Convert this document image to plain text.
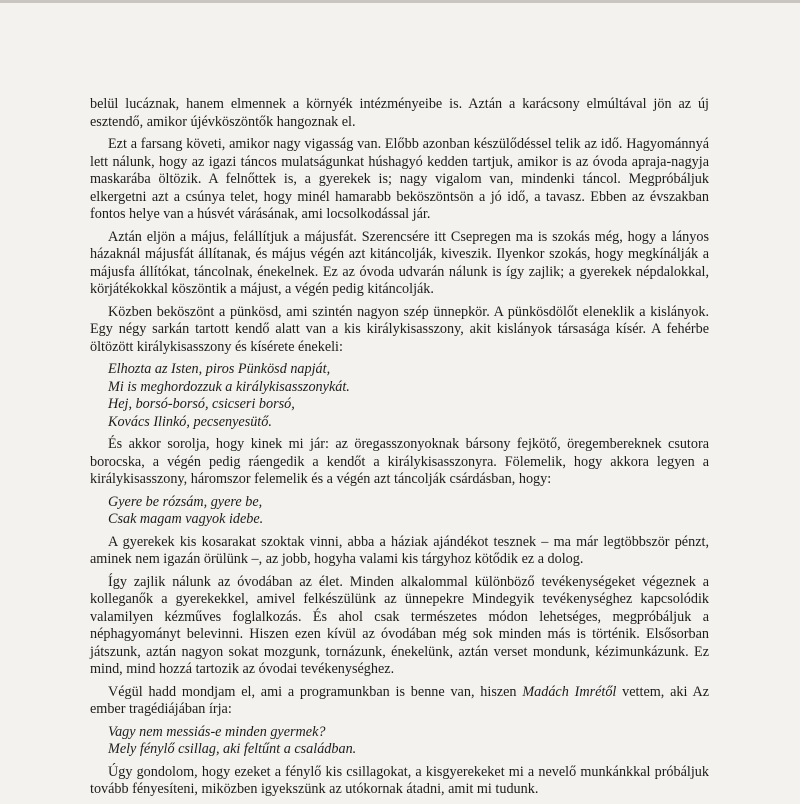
belül lucáznak, hanem elmennek a környék intézményeibe is. Aztán a karácsony elmúltával jön az új esztendő, amikor újévköszöntők hangoznak el.

Ezt a farsang követi, amikor nagy vigasság van. Előbb azonban készülődéssel telik az idő. Hagyománnyá lett nálunk, hogy az igazi táncos mulatságunkat húshagyó kedden tartjuk, amikor is az óvoda apraja-nagyja maskarába öltözik. A felnőttek is, a gyerekek is; nagy vigalom van, mindenki táncol. Megpróbáljuk elkergetni azt a csúnya telet, hogy minél hamarabb beköszöntsön a jó idő, a tavasz. Ebben az évszakban fontos helye van a húsvét várásának, ami locsolkodással jár.

Aztán eljön a május, felállítjuk a májusfát. Szerencsére itt Csepregen ma is szokás még, hogy a lányos házaknál májusfát állítanak, és május végén azt kitáncolják, kiveszik. Ilyenkor szokás, hogy megkínálják a májusfa állítókat, táncolnak, énekelnek. Ez az óvoda udvarán nálunk is így zajlik; a gyerekek népdalokkal, körjátékokkal köszöntik a májust, a végén pedig kitáncolják.

Közben beköszönt a pünkösd, ami szintén nagyon szép ünnepkör. A pünkösdölőt eleneklik a kislányok. Egy négy sarkán tartott kendő alatt van a kis királykisasszony, akit kislányok társasága kísér. A fehérbe öltözött királykisasszony és kísérete énekeli:

Elhozta az Isten, piros Pünkösd napját,
Mi is meghordozzuk a királykisasszonykát.
Hej, borsó-borsó, csicseri borsó,
Kovács Ilinkó, pecsenyesütő.

És akkor sorolja, hogy kinek mi jár: az öregasszonyoknak bársony fejkötő, öregembereknek csutora borocska, a végén pedig ráengedik a kendőt a királykisasszonyra. Fölemelik, hogy akkora legyen a királykisasszony, háromszor felemelik és a végén azt táncolják csárdásban, hogy:

Gyere be rózsám, gyere be,
Csak magam vagyok idebe.

A gyerekek kis kosarakat szoktak vinni, abba a háziak ajándékot tesznek – ma már legtöbbször pénzt, aminek nem igazán örülünk –, az jobb, hogyha valami kis tárgyhoz kötődik ez a dolog.

Így zajlik nálunk az óvodában az élet. Minden alkalommal különböző tevékenységeket végeznek a kolleganők a gyerekekkel, amivel felkészülünk az ünnepekre Mindegyik tevékenységhez kapcsolódik valamilyen kézműves foglalkozás. És ahol csak természetes módon lehetséges, megpróbáljuk a néphagyományt belevinni. Hiszen ezen kívül az óvodában még sok minden más is történik. Elsősorban játszunk, aztán nagyon sokat mozgunk, tornázunk, énekelünk, aztán verset mondunk, kézimunkázunk. Ez mind, mind hozzá tartozik az óvodai tevékenységhez.

Végül hadd mondjam el, ami a programunkban is benne van, hiszen Madách Imrétől vettem, aki Az ember tragédiájában írja:

Vagy nem messiás-e minden gyermek?
Mely fénylő csillag, aki feltűnt a családban.

Úgy gondolom, hogy ezeket a fénylő kis csillagokat, a kisgyerekeket mi a nevelő munkánkkal próbáljuk tovább fényesíteni, miközben igyekszünk az utókornak átadni, amit mi tudunk.
